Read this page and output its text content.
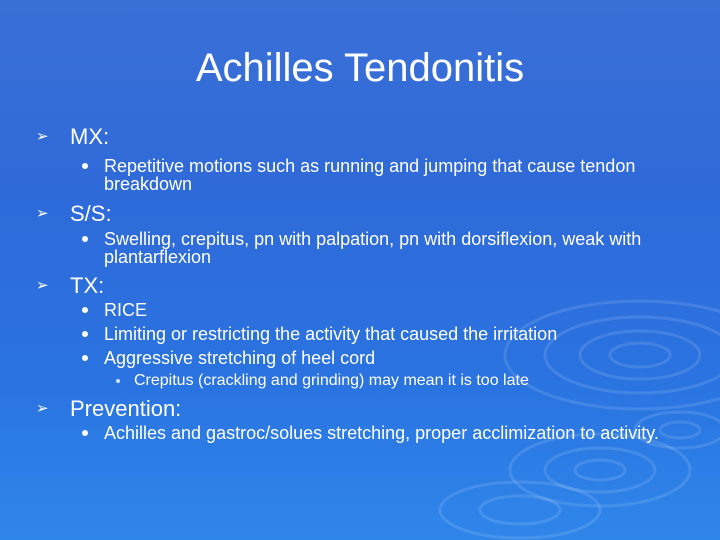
Achilles Tendonitis
➢ MX:
Repetitive motions such as running and jumping that cause tendon breakdown
➢ S/S:
Swelling, crepitus, pn with palpation, pn with dorsiflexion, weak with plantarflexion
➢ TX:
RICE
Limiting or restricting the activity that caused the irritation
Aggressive stretching of heel cord
Crepitus (crackling and grinding) may mean it is too late
➢ Prevention:
Achilles and gastroc/solues stretching, proper acclimization to activity.
